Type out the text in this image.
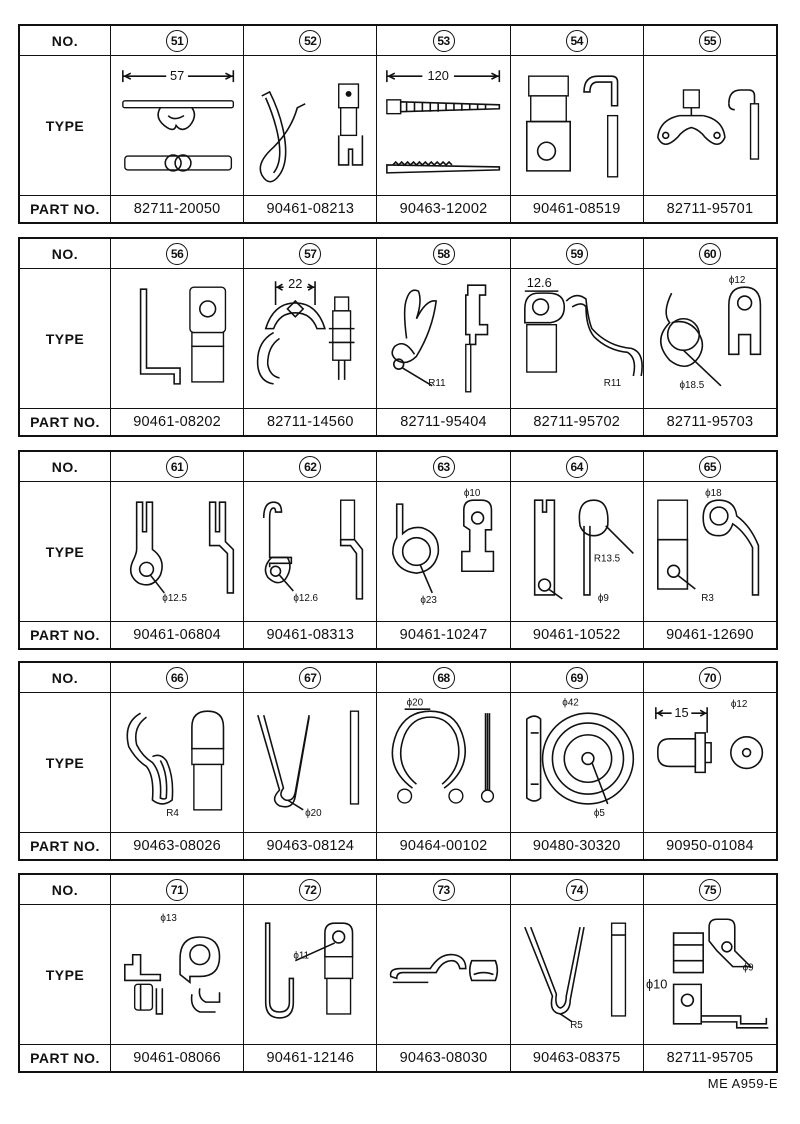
NO.	51	52	53	54	55
TYPE
57	120
PART NO. 82711-20050	90461-08213	90463-12002	90461-08519	82711-95701
NO.	56	57	58	59	60
TYPE
22
R11
12.6
R11	ϕ18.5
ϕ12
PART NO. 90461-08202	82711-14560	82711-95404	82711-95702	82711-95703
NO.	61	62	63	64	65
TYPE
ϕ12.5	ϕ12.6	ϕ23
ϕ10
ϕ9
R13.5
R3
ϕ18
PART NO. 90461-06804	90461-08313	90461-10247	90461-10522	90461-12690
NO.	66	67	68	69	70
TYPE
R4	ϕ20
ϕ20	ϕ42
ϕ5
15
ϕ12
PART NO. 90463-08026	90463-08124	90464-00102	90480-30320	90950-01084
NO.	71	72	73	74	75
TYPE
ϕ13
ϕ11
R5
ϕ9
ϕ10
PART NO. 90461-08066	90461-12146	90463-08030	90463-08375	82711-95705
ME A959-E
